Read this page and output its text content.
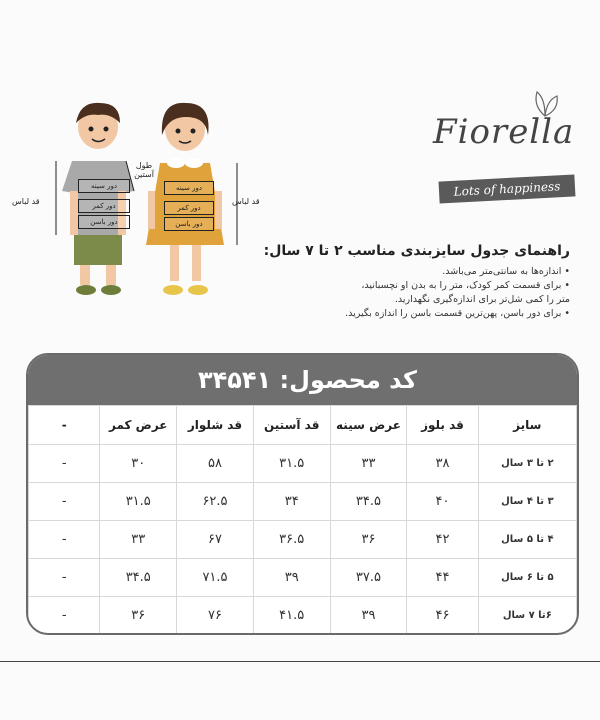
قد لباس	قد لباس
طول آستین
دور سینه
دور کمر
دور باسن
دور سینه
دور کمر
دور باسن
Fiorella
Lots of happiness
راهنمای جدول سایزبندی مناسب ۲ تا ۷ سال:

• اندازه‌ها به سانتی‌متر می‌باشد.

• برای قسمت کمر کودک، متر را به بدن او نچسبانید،

متر را کمی شل‌تر برای اندازه‌گیری نگهدارید.

• برای دور باسن، پهن‌ترین قسمت باسن را اندازه بگیرید.

کد محصول: ۳۴۵۴۱
سایز	قد بلوز	عرض سینه	قد آستین	قد شلوار	عرض کمر	-
۲ تا ۳ سال	۳۸	۳۳	۳۱.۵	۵۸	۳۰	-
۳ تا ۴ سال	۴۰	۳۴.۵	۳۴	۶۲.۵	۳۱.۵	-
۴ تا ۵ سال	۴۲	۳۶	۳۶.۵	۶۷	۳۳	-
۵ تا ۶ سال	۴۴	۳۷.۵	۳۹	۷۱.۵	۳۴.۵	-
۶تا ۷ سال	۴۶	۳۹	۴۱.۵	۷۶	۳۶	-
